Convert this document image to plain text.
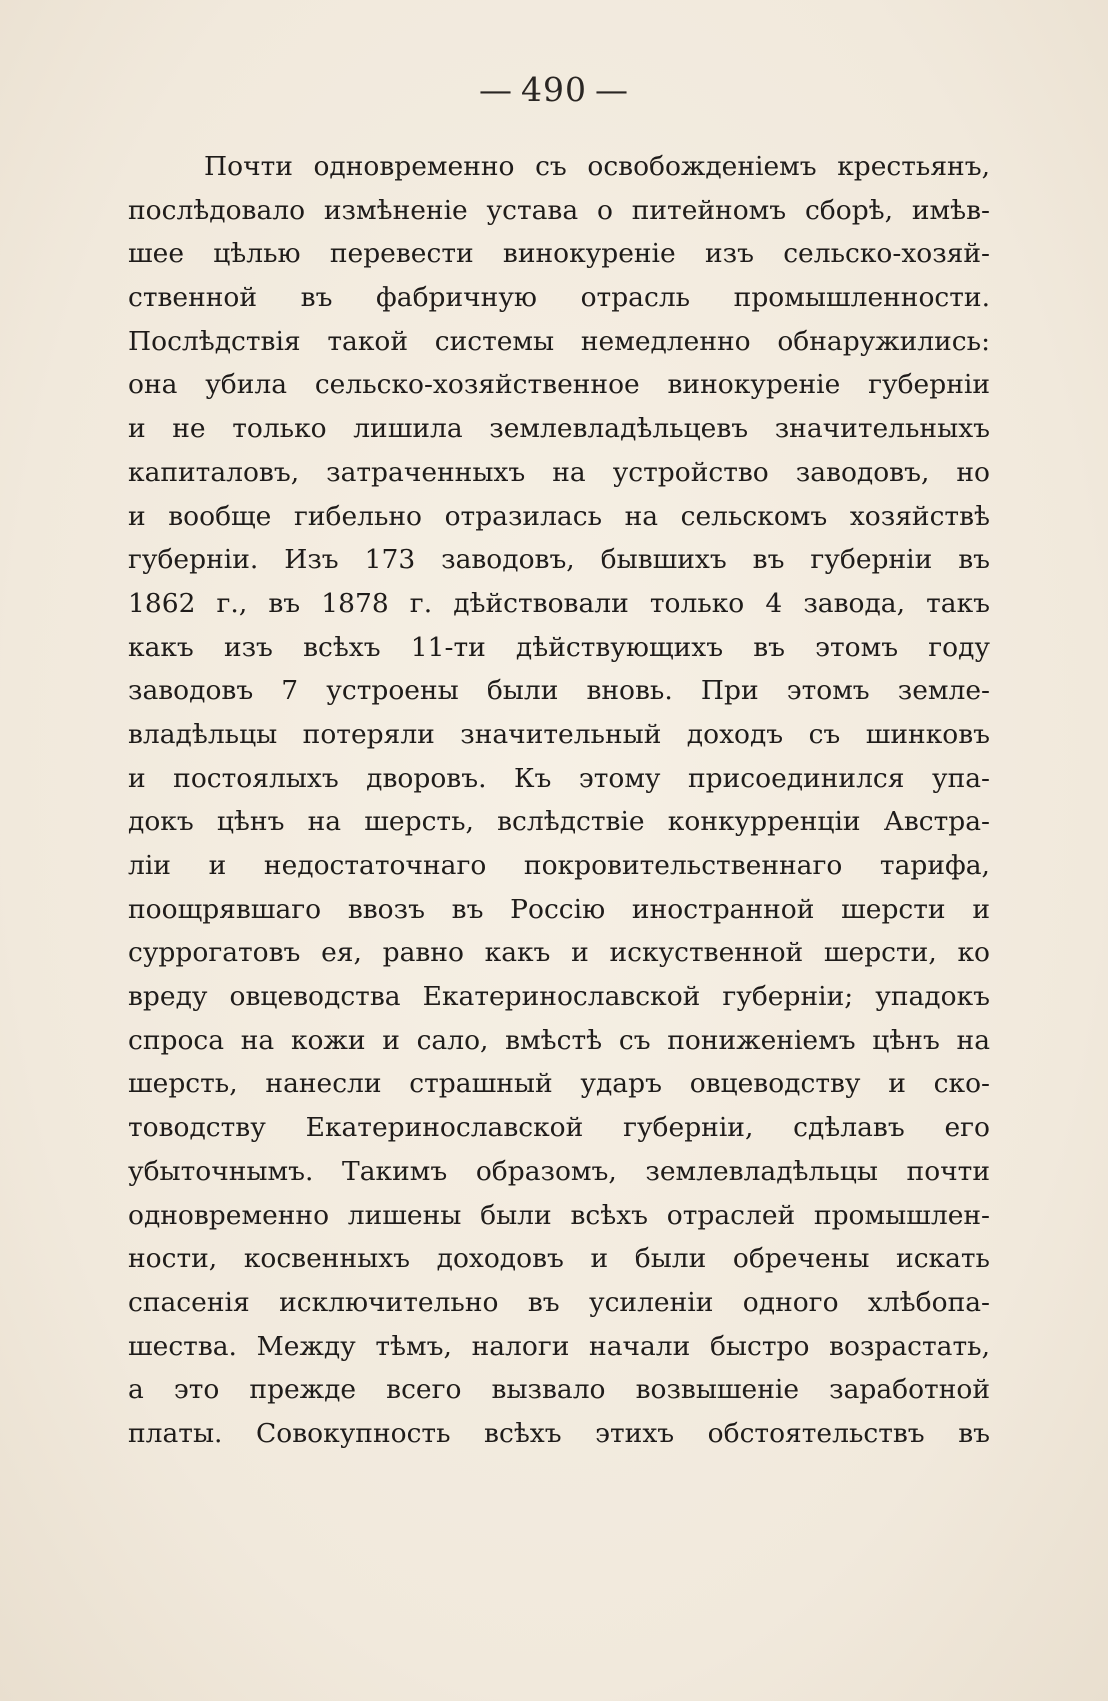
— 490 —
Почти одновременно съ освобожденіемъ крестьянъ,
послѣдовало измѣненіе устава о питейномъ сборѣ, имѣв-
шее цѣлью перевести винокуреніе изъ сельско-хозяй-
ственной въ фабричную отрасль промышленности.
Послѣдствія такой системы немедленно обнаружились:
она убила сельско-хозяйственное винокуреніе губерніи
и не только лишила землевладѣльцевъ значительныхъ
капиталовъ, затраченныхъ на устройство заводовъ, но
и вообще гибельно отразилась на сельскомъ хозяйствѣ
губерніи. Изъ 173 заводовъ, бывшихъ въ губерніи въ
1862 г., въ 1878 г. дѣйствовали только 4 завода, такъ
какъ изъ всѣхъ 11-ти дѣйствующихъ въ этомъ году
заводовъ 7 устроены были вновь. При этомъ земле-
владѣльцы потеряли значительный доходъ съ шинковъ
и постоялыхъ дворовъ. Къ этому присоединился упа-
докъ цѣнъ на шерсть, вслѣдствіе конкурренціи Австра-
ліи и недостаточнаго покровительственнаго тарифа,
поощрявшаго ввозъ въ Россію иностранной шерсти и
суррогатовъ ея, равно какъ и искуственной шерсти, ко
вреду овцеводства Екатеринославской губерніи; упадокъ
спроса на кожи и сало, вмѣстѣ съ пониженіемъ цѣнъ на
шерсть, нанесли страшный ударъ овцеводству и ско-
товодству Екатеринославской губерніи, сдѣлавъ его
убыточнымъ. Такимъ образомъ, землевладѣльцы почти
одновременно лишены были всѣхъ отраслей промышлен-
ности, косвенныхъ доходовъ и были обречены искать
спасенія исключительно въ усиленіи одного хлѣбопа-
шества. Между тѣмъ, налоги начали быстро возрастать,
а это прежде всего вызвало возвышеніе заработной
платы. Совокупность всѣхъ этихъ обстоятельствъ въ
